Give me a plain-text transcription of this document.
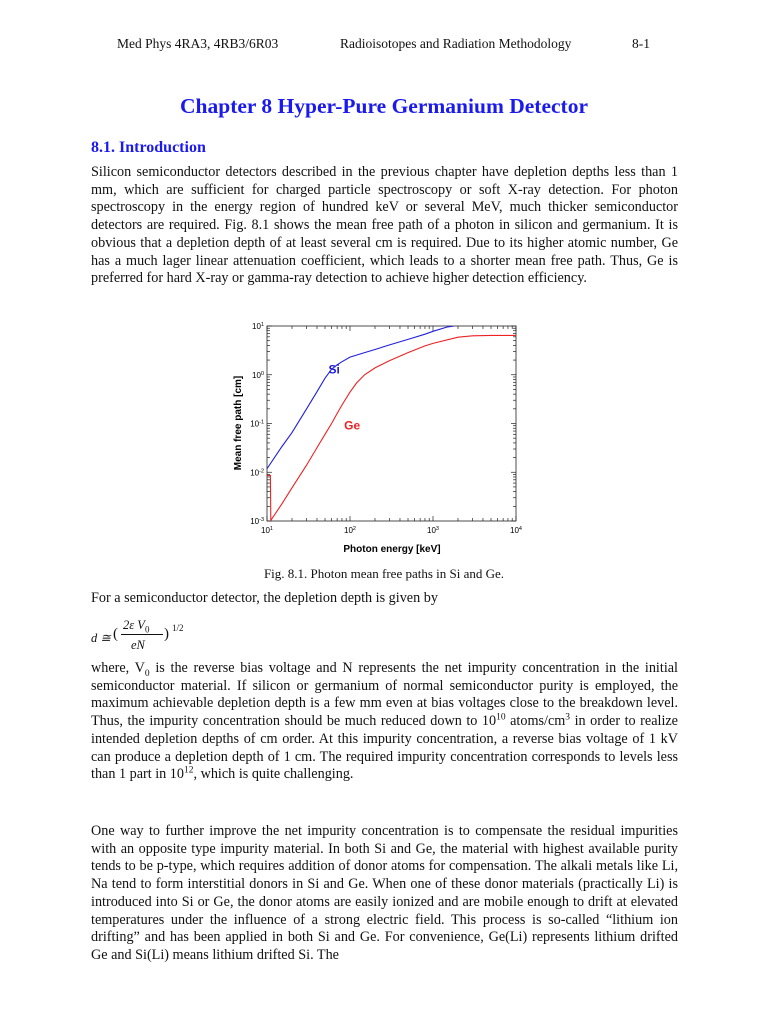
Med Phys 4RA3, 4RB3/6R03	Radioisotopes and Radiation Methodology	8-1
Chapter 8 Hyper-Pure Germanium Detector
8.1. Introduction
Silicon semiconductor detectors described in the previous chapter have depletion depths less than 1 mm, which are sufficient for charged particle spectroscopy or soft X-ray detection. For photon spectroscopy in the energy region of hundred keV or several MeV, much thicker semiconductor detectors are required. Fig. 8.1 shows the mean free path of a photon in silicon and germanium. It is obvious that a depletion depth of at least several cm is required. Due to its higher atomic number, Ge has a much lager linear attenuation coefficient, which leads to a shorter mean free path. Thus, Ge is preferred for hard X-ray or gamma-ray detection to achieve higher detection efficiency.
$10^1$	$10^2$	$10^3$	$10^4$
$10^{-3}$
$10^{-2}$
$10^{-1}$
$10^0$
$10^1$
Si
Ge
Photon energy [keV]
Mean free path [cm]
Fig. 8.1. Photon mean free paths in Si and Ge.
For a semiconductor detector, the depletion depth is given by
d ≅ (
2ε $V_0$
eN
) 1/2
where, $V_0$ is the reverse bias voltage and N represents the net impurity concentration in the initial semiconductor material. If silicon or germanium of normal semiconductor purity is employed, the maximum achievable depletion depth is a few mm even at bias voltages close to the breakdown level. Thus, the impurity concentration should be much reduced down to $10^{10}$ atoms/$cm^3$ in order to realize intended depletion depths of cm order. At this impurity concentration, a reverse bias voltage of 1 kV can produce a depletion depth of 1 cm. The required impurity concentration corresponds to levels less than 1 part in $10^{12}$, which is quite challenging.
One way to further improve the net impurity concentration is to compensate the residual impurities with an opposite type impurity material. In both Si and Ge, the material with highest available purity tends to be p-type, which requires addition of donor atoms for compensation. The alkali metals like Li, Na tend to form interstitial donors in Si and Ge. When one of these donor materials (practically Li) is introduced into Si or Ge, the donor atoms are easily ionized and are mobile enough to drift at elevated temperatures under the influence of a strong electric field. This process is so-called “lithium ion drifting” and has been applied in both Si and Ge. For convenience, Ge(Li) represents lithium drifted Ge and Si(Li) means lithium drifted Si. The
